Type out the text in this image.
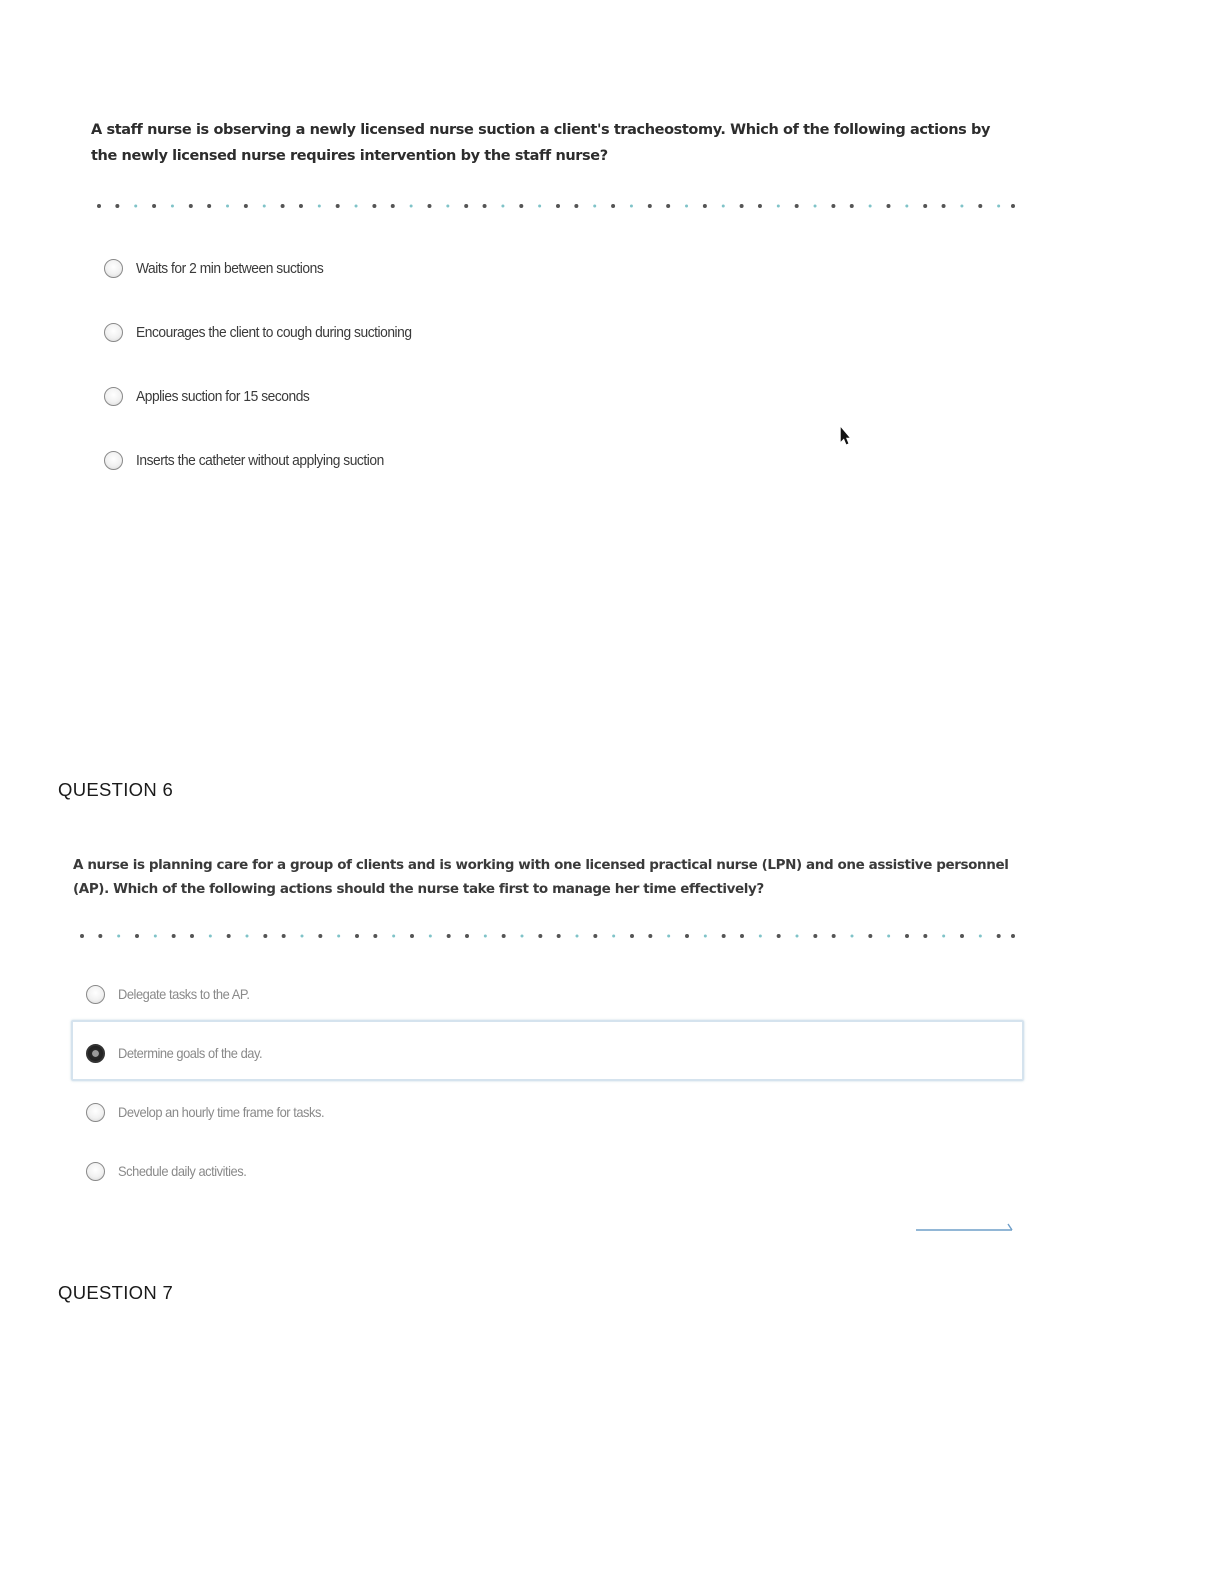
A staff nurse is observing a newly licensed nurse suction a client's tracheostomy. Which of the following actions by the newly licensed nurse requires intervention by the staff nurse?
Waits for 2 min between suctions
Encourages the client to cough during suctioning
Applies suction for 15 seconds
Inserts the catheter without applying suction
QUESTION 6
A nurse is planning care for a group of clients and is working with one licensed practical nurse (LPN) and one assistive personnel (AP). Which of the following actions should the nurse take first to manage her time effectively?
Delegate tasks to the AP.
Determine goals of the day.
Develop an hourly time frame for tasks.
Schedule daily activities.
QUESTION 7
